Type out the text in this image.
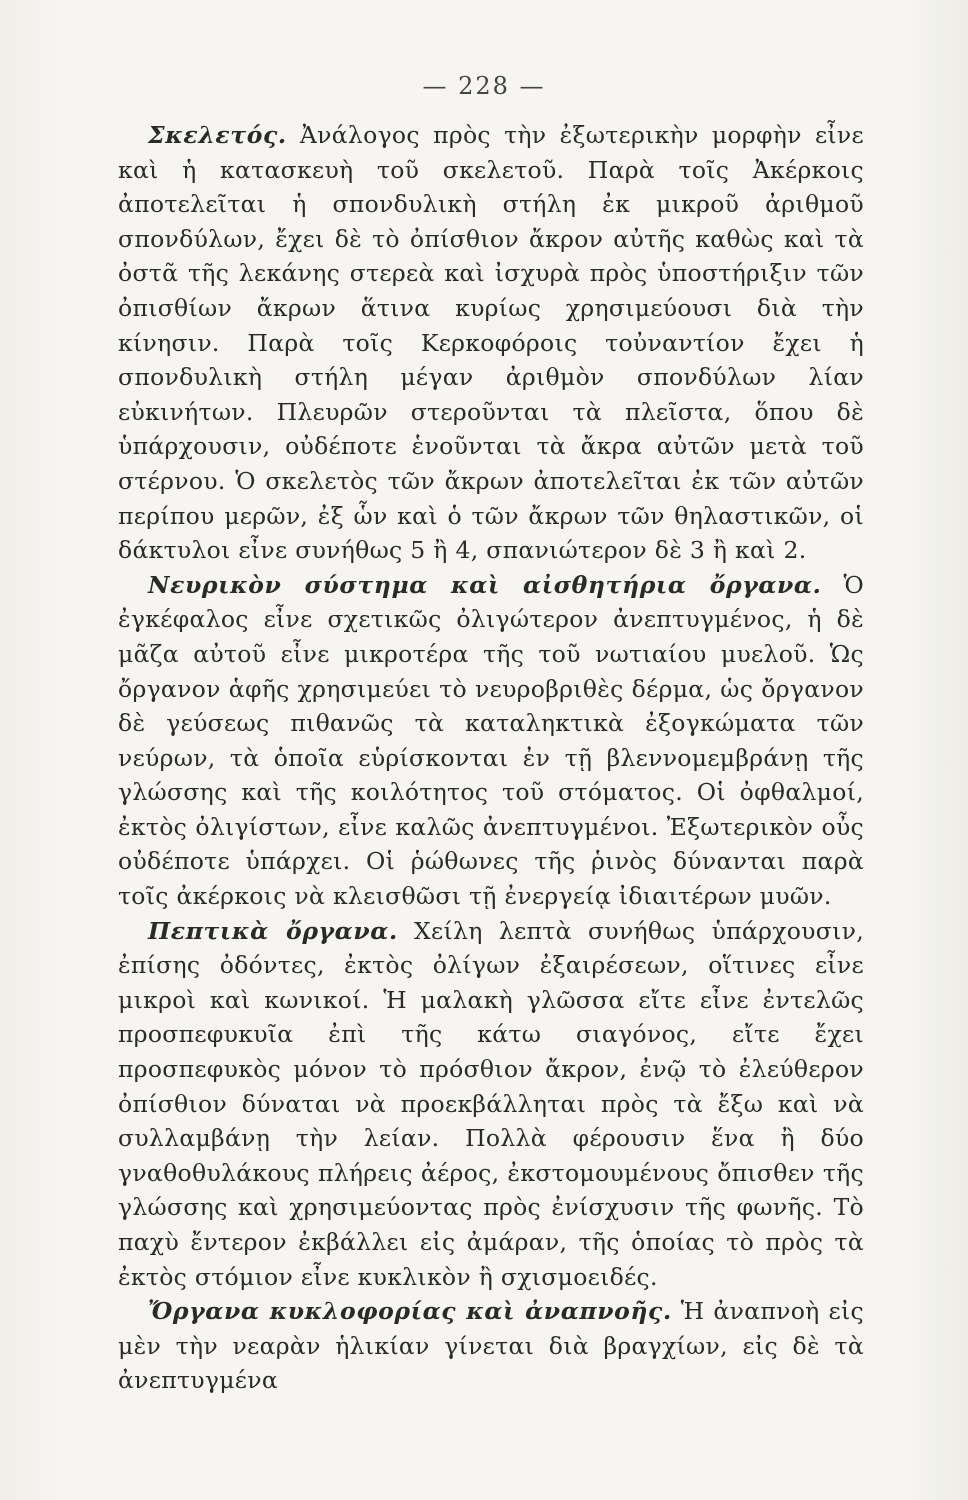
— 228 —

Σκελετός. Ἀνάλογος πρὸς τὴν ἐξωτερικὴν μορφὴν εἶνε καὶ ἡ κατασκευὴ τοῦ σκελετοῦ. Παρὰ τοῖς Ἀκέρκοις ἀποτελεῖται ἡ σπονδυλικὴ στήλη ἐκ μικροῦ ἀριθμοῦ σπονδύλων, ἔχει δὲ τὸ ὀπίσθιον ἄκρον αὐτῆς καθὼς καὶ τὰ ὀστᾶ τῆς λεκάνης στερεὰ καὶ ἰσχυρὰ πρὸς ὑποστήριξιν τῶν ὀπισθίων ἄκρων ἅτινα κυρίως χρησιμεύουσι διὰ τὴν κίνησιν. Παρὰ τοῖς Κερκοφόροις τοὐναντίον ἔχει ἡ σπονδυλικὴ στήλη μέγαν ἀριθμὸν σπονδύλων λίαν εὐκινήτων. Πλευρῶν στεροῦνται τὰ πλεῖστα, ὅπου δὲ ὑπάρχουσιν, οὐδέποτε ἑνοῦνται τὰ ἄκρα αὐτῶν μετὰ τοῦ στέρνου. Ὁ σκελετὸς τῶν ἄκρων ἀποτελεῖται ἐκ τῶν αὐτῶν περίπου μερῶν, ἐξ ὧν καὶ ὁ τῶν ἄκρων τῶν θηλαστικῶν, οἱ δάκτυλοι εἶνε συνήθως 5 ἢ 4, σπανιώτερον δὲ 3 ἢ καὶ 2.

Νευρικὸν σύστημα καὶ αἰσθητήρια ὄργανα. Ὁ ἐγκέφαλος εἶνε σχετικῶς ὀλιγώτερον ἀνεπτυγμένος, ἡ δὲ μᾶζα αὐτοῦ εἶνε μικροτέρα τῆς τοῦ νωτιαίου μυελοῦ. Ὡς ὄργανον ἁφῆς χρησιμεύει τὸ νευροβριθὲς δέρμα, ὡς ὄργανον δὲ γεύσεως πιθανῶς τὰ καταληκτικὰ ἐξογκώματα τῶν νεύρων, τὰ ὁποῖα εὑρίσκονται ἐν τῇ βλεννομεμβράνῃ τῆς γλώσσης καὶ τῆς κοιλότητος τοῦ στόματος. Οἱ ὀφθαλμοί, ἐκτὸς ὀλιγίστων, εἶνε καλῶς ἀνεπτυγμένοι. Ἐξωτερικὸν οὖς οὐδέποτε ὑπάρχει. Οἱ ῥώθωνες τῆς ῥινὸς δύνανται παρὰ τοῖς ἀκέρκοις νὰ κλεισθῶσι τῇ ἐνεργείᾳ ἰδιαιτέρων μυῶν.

Πεπτικὰ ὄργανα. Χείλη λεπτὰ συνήθως ὑπάρχουσιν, ἐπίσης ὀδόντες, ἐκτὸς ὀλίγων ἐξαιρέσεων, οἵτινες εἶνε μικροὶ καὶ κωνικοί. Ἡ μαλακὴ γλῶσσα εἴτε εἶνε ἐντελῶς προσπεφυκυῖα ἐπὶ τῆς κάτω σιαγόνος, εἴτε ἔχει προσπεφυκὸς μόνον τὸ πρόσθιον ἄκρον, ἐνῷ τὸ ἐλεύθερον ὀπίσθιον δύναται νὰ προεκβάλληται πρὸς τὰ ἔξω καὶ νὰ συλλαμβάνῃ τὴν λείαν. Πολλὰ φέρουσιν ἕνα ἢ δύο γναθοθυλάκους πλήρεις ἀέρος, ἐκστομουμένους ὄπισθεν τῆς γλώσσης καὶ χρησιμεύοντας πρὸς ἐνίσχυσιν τῆς φωνῆς. Τὸ παχὺ ἔντερον ἐκβάλλει εἰς ἀμάραν, τῆς ὁποίας τὸ πρὸς τὰ ἐκτὸς στόμιον εἶνε κυκλικὸν ἢ σχισμοειδές.

Ὄργανα κυκλοφορίας καὶ ἀναπνοῆς. Ἡ ἀναπνοὴ εἰς μὲν τὴν νεαρὰν ἡλικίαν γίνεται διὰ βραγχίων, εἰς δὲ τὰ ἀνεπτυγμένα
